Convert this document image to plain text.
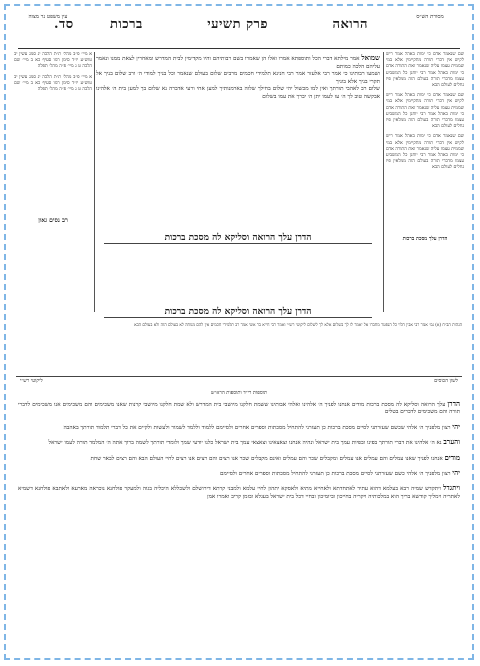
מסורת הש״ס
הרואה
פרק תשיעי
ברכות
סד.
עין משפט נר מצוה
שם שנאמר אדם כי ימות באהל אמר ריש לקיש אין דברי תורה מתקיימין אלא במי שממית עצמו עליה שנאמר זאת התורה אדם כי ימות באהל אמר רבי יוחנן כל המשביע עצמו מדברי תורה בעולם הזה ממלאין פיו גחלים לעולם הבא
שם שנאמר אדם כי ימות באהל אמר ריש לקיש אין דברי תורה מתקיימין אלא במי שממית עצמו עליה שנאמר זאת התורה אדם כי ימות באהל אמר רבי יוחנן כל המשביע עצמו מדברי תורה בעולם הזה ממלאין פיו גחלים לעולם הבא
שם שנאמר אדם כי ימות באהל אמר ריש לקיש אין דברי תורה מתקיימין אלא במי שממית עצמו עליה שנאמר זאת התורה אדם כי ימות באהל אמר רבי יוחנן כל המשביע עצמו מדברי תורה בעולם הזה ממלאין פיו גחלים לעולם הבא

שמואל אמר מילתא דברי הכל ותוספתא אמרו ואלו הן שאמרו בשם רבותיהם והיו מקדימין לבית המדרש ומאחרין לצאת ממנו ונאמר עליהם הלכה כמותם

ושמעו רבותינו כי אמר רבי אלעזר אמר רבי חנינא תלמידי חכמים מרבים שלום בעולם שנאמר וכל בניך למודי ה׳ ורב שלום בניך אל תקרי בניך אלא בוניך

שלום רב לאהבי תורתך ואין למו מכשול יהי שלום בחילך שלוה בארמנותיך למען אחי ורעי אדברה נא שלום בך למען בית ה׳ אלהינו אבקשה טוב לך ה׳ עז לעמו יתן ה׳ יברך את עמו בשלום

א מיי׳ פ״ב מהל׳ ת״ת הלכה יג סמג עשין יב טוש״ע יו״ד סימן רמו סעיף כא ב מיי׳ שם הלכה ט ג מיי׳ פ״ה מהל׳ תפלה
א מיי׳ פ״ב מהל׳ ת״ת הלכה יג סמג עשין יב טוש״ע יו״ד סימן רמו סעיף כא ב מיי׳ שם הלכה ט ג מיי׳ פ״ה מהל׳ תפלה
הדרן עלך הרואה וסליקא לה מסכת ברכות	הדרן עלך מסכת ברכות
רב נסים גאון
הדרן עלך הרואה וסליקא לה מסכת ברכות
הגהות הב״ח (א) גמ׳ אמר רבי אבין הלוי כל הנפטר מחברו אל יאמר לו לך בשלום אלא לך לשלום ליקוטי רש״י ואמר רבי חייא בר אשי אמר רב תלמידי חכמים אין להם מנוחה לא בעולם הזה ולא בעולם הבא
לשון הכוסים
ליקוטי רש״י
תוספות רי״ד ותוספות הרא״ש

הדרן עלך הרואה וסליקא לה מסכת ברכות מודים אנחנו לפניך ה׳ אלהינו ואלהי אבותינו ששמת חלקנו מיושבי בית המדרש ולא שמת חלקנו מיושבי קרנות שאנו משכימים והם משכימים אנו משכימים לדברי תורה והם משכימים לדברים בטלים

יהי רצון מלפניך ה׳ אלהי שכשם שעזרתני לסיים מסכת ברכות כן תעזרני להתחיל מסכתות וספרים אחרים ולסיימם ללמוד וללמד לשמור ולעשות ולקיים את כל דברי תלמוד תורתך באהבה

והערב נא ה׳ אלהינו את דברי תורתך בפינו ובפיות עמך בית ישראל ונהיה אנחנו וצאצאינו וצאצאי עמך בית ישראל כלנו יודעי שמך ולומדי תורתך לשמה ברוך אתה ה׳ המלמד תורה לעמו ישראל

מודים אנחנו לפניך שאנו עמלים והם עמלים אנו עמלים ומקבלים שכר והם עמלים ואינם מקבלים שכר אנו רצים והם רצים אנו רצים לחיי העולם הבא והם רצים לבאר שחת

יהי רצון מלפניך ה׳ אלהי כשם שעזרתני לסיים מסכת ברכות כן תעזרני להתחיל מסכתות וספרים אחרים ולסיימם

ויתגדל ויתקדש שמיה רבא בעלמא דהוא עתיד לאתחדתא ולאחייא מתיא ולאסקא יתהון לחיי עלמא ולמבני קרתא דירושלם ולשכללא היכליה בגוה ולמעקר פולחנא נוכראה מארעא ולאתבא פולחנא דשמיא לאתריה וימליך קודשא בריך הוא במלכותיה ויקריה בחייכון וביומיכון ובחיי דכל בית ישראל בעגלא ובזמן קריב ואמרו אמן
